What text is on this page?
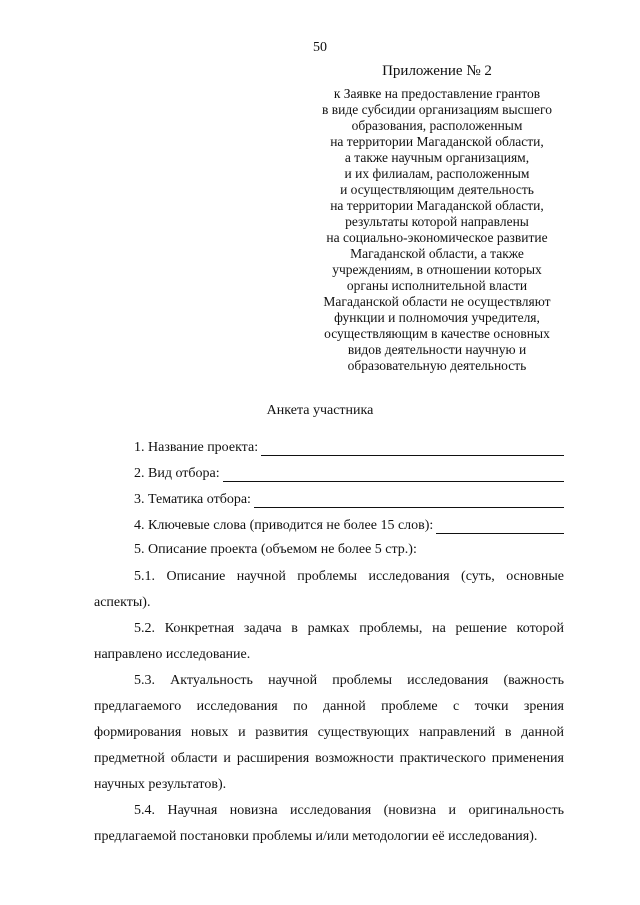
50
Приложение № 2
к Заявке на предоставление грантов
в виде субсидии организациям высшего
образования, расположенным
на территории Магаданской области,
а также научным организациям,
и их филиалам, расположенным
и осуществляющим деятельность
на территории Магаданской области,
результаты которой направлены
на социально-экономическое развитие
Магаданской области, а также
учреждениям, в отношении которых
органы исполнительной власти
Магаданской области не осуществляют
функции и полномочия учредителя,
осуществляющим в качестве основных
видов деятельности научную и
образовательную деятельность
Анкета участника
1. Название проекта:
2. Вид отбора:
3. Тематика отбора:
4. Ключевые слова (приводится не более 15 слов):
5. Описание проекта (объемом не более 5 стр.):
5.1. Описание научной проблемы исследования (суть, основные аспекты).
5.2. Конкретная задача в рамках проблемы, на решение которой направлено исследование.
5.3. Актуальность научной проблемы исследования (важность предлагаемого исследования по данной проблеме с точки зрения формирования новых и развития существующих направлений в данной предметной области и расширения возможности практического применения научных результатов).
5.4. Научная новизна исследования (новизна и оригинальность предлагаемой постановки проблемы и/или методологии её исследования).
